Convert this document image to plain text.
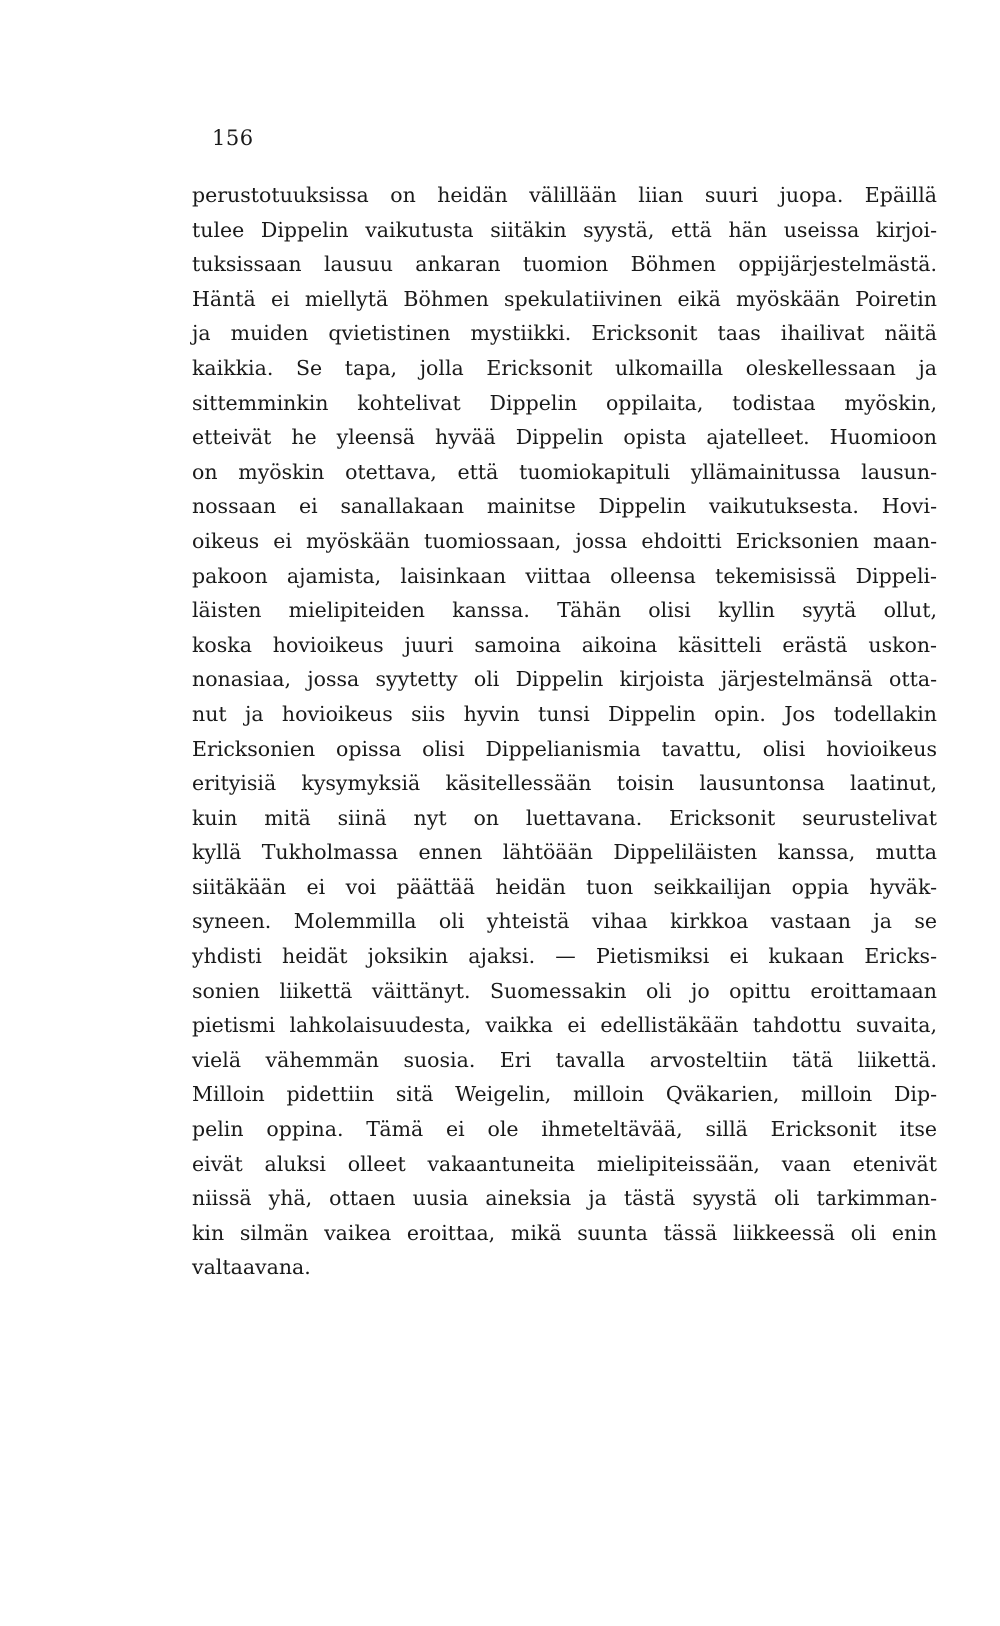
156
perustotuuksissa on heidän välillään liian suuri juopa. Epäillä
tulee Dippelin vaikutusta siitäkin syystä, että hän useissa kirjoi-
tuksissaan lausuu ankaran tuomion Böhmen oppijärjestelmästä.
Häntä ei miellytä Böhmen spekulatiivinen eikä myöskään Poiretin
ja muiden qvietistinen mystiikki. Ericksonit taas ihailivat näitä
kaikkia. Se tapa, jolla Ericksonit ulkomailla oleskellessaan ja
sittemminkin kohtelivat Dippelin oppilaita, todistaa myöskin,
etteivät he yleensä hyvää Dippelin opista ajatelleet. Huomioon
on myöskin otettava, että tuomiokapituli yllämainitussa lausun-
nossaan ei sanallakaan mainitse Dippelin vaikutuksesta. Hovi-
oikeus ei myöskään tuomiossaan, jossa ehdoitti Ericksonien maan-
pakoon ajamista, laisinkaan viittaa olleensa tekemisissä Dippeli-
läisten mielipiteiden kanssa. Tähän olisi kyllin syytä ollut,
koska hovioikeus juuri samoina aikoina käsitteli erästä uskon-
nonasiaa, jossa syytetty oli Dippelin kirjoista järjestelmänsä otta-
nut ja hovioikeus siis hyvin tunsi Dippelin opin. Jos todellakin
Ericksonien opissa olisi Dippelianismia tavattu, olisi hovioikeus
erityisiä kysymyksiä käsitellessään toisin lausuntonsa laatinut,
kuin mitä siinä nyt on luettavana. Ericksonit seurustelivat
kyllä Tukholmassa ennen lähtöään Dippeliläisten kanssa, mutta
siitäkään ei voi päättää heidän tuon seikkailijan oppia hyväk-
syneen. Molemmilla oli yhteistä vihaa kirkkoa vastaan ja se
yhdisti heidät joksikin ajaksi. — Pietismiksi ei kukaan Ericks-
sonien liikettä väittänyt. Suomessakin oli jo opittu eroittamaan
pietismi lahkolaisuudesta, vaikka ei edellistäkään tahdottu suvaita,
vielä vähemmän suosia. Eri tavalla arvosteltiin tätä liikettä.
Milloin pidettiin sitä Weigelin, milloin Qväkarien, milloin Dip-
pelin oppina. Tämä ei ole ihmeteltävää, sillä Ericksonit itse
eivät aluksi olleet vakaantuneita mielipiteissään, vaan etenivät
niissä yhä, ottaen uusia aineksia ja tästä syystä oli tarkimman-
kin silmän vaikea eroittaa, mikä suunta tässä liikkeessä oli enin
valtaavana.
